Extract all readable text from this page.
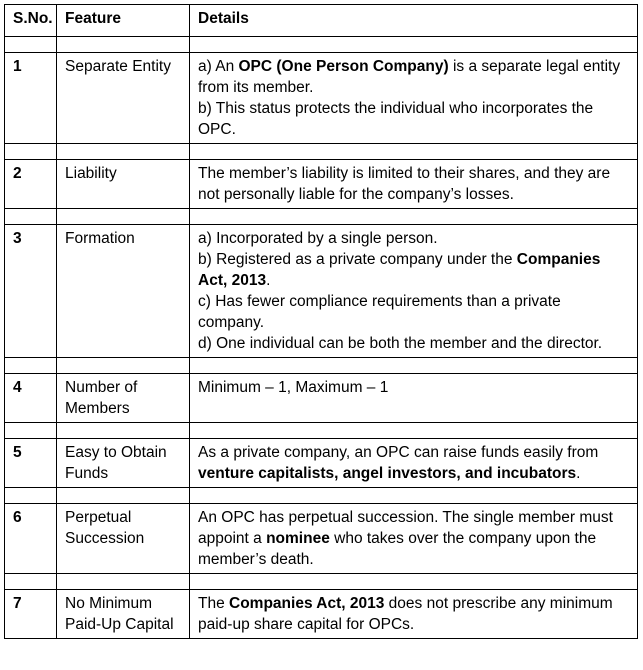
S.No.	Feature	Details

1	Separate Entity	a) An OPC (One Person Company) is a separate legal entity from its member.
b) This status protects the individual who incorporates the OPC.

2	Liability	The member’s liability is limited to their shares, and they are not personally liable for the company’s losses.

3	Formation	a) Incorporated by a single person.
b) Registered as a private company under the Companies Act, 2013.
c) Has fewer compliance requirements than a private company.
d) One individual can be both the member and the director.

4	Number of Members	Minimum – 1, Maximum – 1

5	Easy to Obtain Funds	As a private company, an OPC can raise funds easily from venture capitalists, angel investors, and incubators.

6	Perpetual Succession	An OPC has perpetual succession. The single member must appoint a nominee who takes over the company upon the member’s death.

7	No Minimum Paid-Up Capital	The Companies Act, 2013 does not prescribe any minimum paid-up share capital for OPCs.
